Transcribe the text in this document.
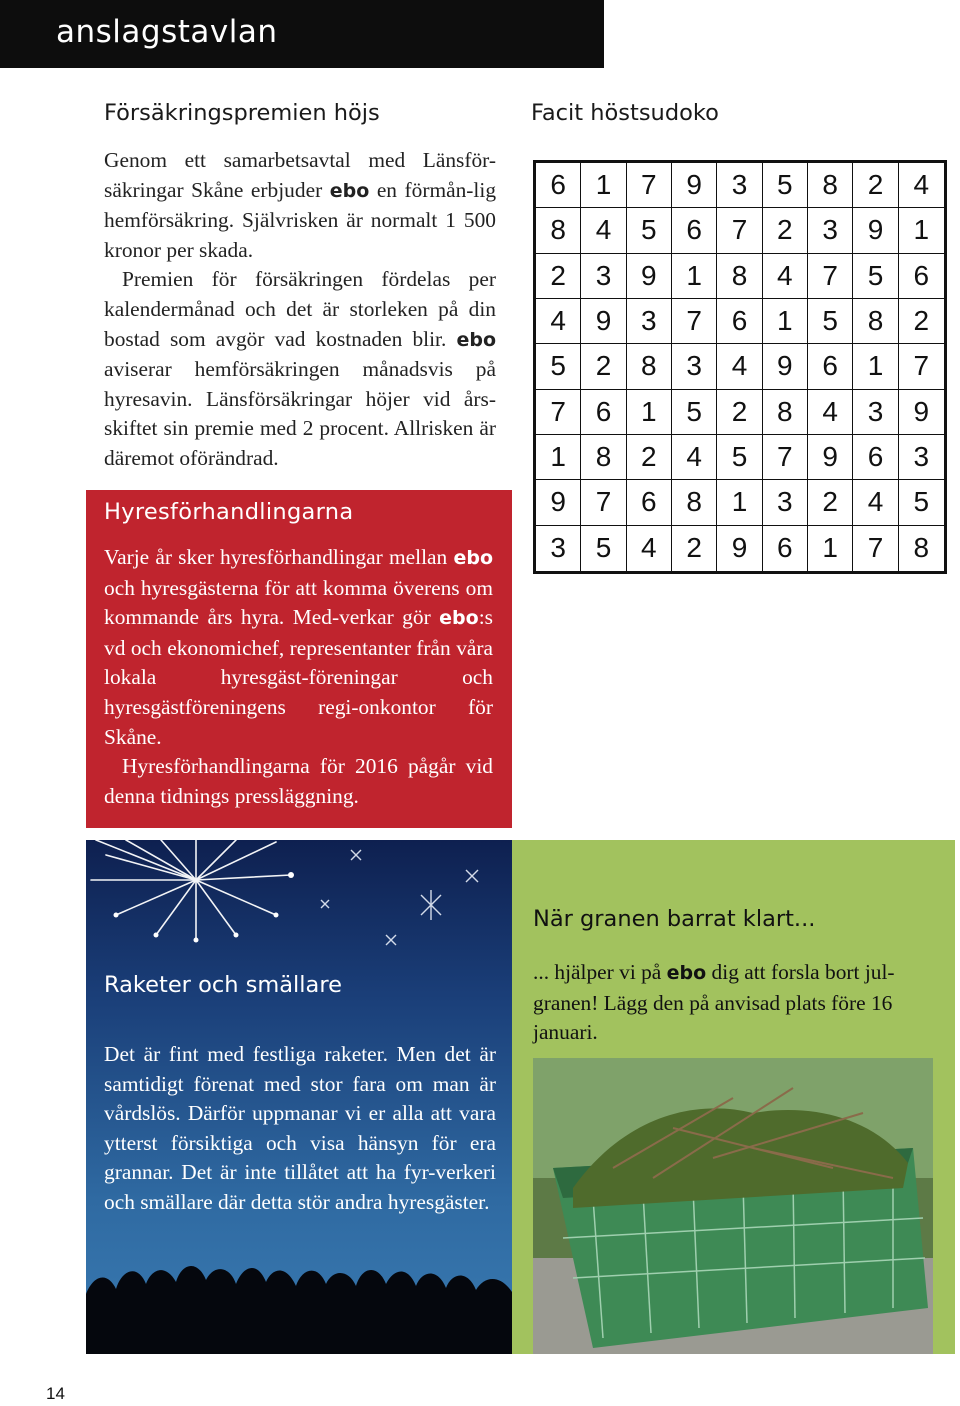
anslagstavlan
Försäkringspremien höjs

Genom ett samarbetsavtal med Länsför-säkringar Skåne erbjuder ebo en förmån-lig hemförsäkring. Självrisken är normalt 1 500 kronor per skada.

Premien för försäkringen fördelas per kalendermånad och det är storleken på din bostad som avgör vad kostnaden blir. ebo aviserar hemförsäkringen månadsvis på hyresavin. Länsförsäkringar höjer vid års-skiftet sin premie med 2 procent. Allrisken är däremot oförändrad.

Hyresförhandlingarna

Varje år sker hyresförhandlingar mellan ebo och hyresgästerna för att komma överens om kommande års hyra. Med-verkar gör ebo:s vd och ekonomichef, representanter från våra lokala hyresgäst-föreningar och hyresgästföreningens regi-onkontor för Skåne.

Hyresförhandlingarna för 2016 pågår vid denna tidnings pressläggning.

Facit höstsudoko
6	1	7	9	3	5	8	2	4
8	4	5	6	7	2	3	9	1
2	3	9	1	8	4	7	5	6
4	9	3	7	6	1	5	8	2
5	2	8	3	4	9	6	1	7
7	6	1	5	2	8	4	3	9
1	8	2	4	5	7	9	6	3
9	7	6	8	1	3	2	4	5
3	5	4	2	9	6	1	7	8
Raketer och smällare

Det är fint med festliga raketer. Men det är samtidigt förenat med stor fara om man är vårdslös. Därför uppmanar vi er alla att vara ytterst försiktiga och visa hänsyn för era grannar. Det är inte tillåtet att ha fyr-verkeri och smällare där detta stör andra hyresgäster.

När granen barrat klart...

... hjälper vi på ebo dig att forsla bort jul-granen! Lägg den på anvisad plats före 16 januari.

14
